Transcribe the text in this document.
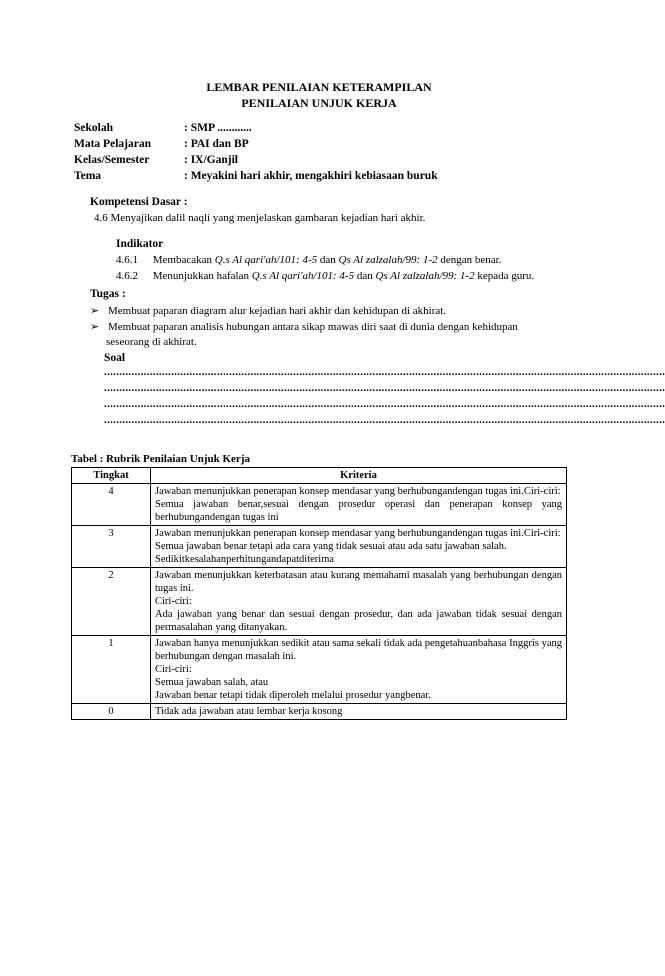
LEMBAR PENILAIAN KETERAMPILAN
PENILAIAN UNJUK KERJA
Sekolah	: SMP ............
Mata Pelajaran	: PAI dan BP
Kelas/Semester	: IX/Ganjil
Tema	: Meyakini hari akhir, mengakhiri kebiasaan buruk
Kompetensi Dasar :
4.6 Menyajikan dalil naqli yang menjelaskan gambaran kejadian hari akhir.
Indikator
4.6.1 Membacakan Q.s Al qari'ah/101: 4-5 dan Qs Al zalzalah/99: 1-2 dengan benar.
4.6.2 Menunjukkan hafalan Q.s Al qari'ah/101: 4-5 dan Qs Al zalzalah/99: 1-2 kepada guru.
Tugas :
➢ Membuat paparan diagram alur kejadian hari akhir dan kehidupan di akhirat.
➢ Membuat paparan analisis hubungan antara sikap mawas diri saat di dunia dengan kehidupan
seseorang di akhirat.
Soal
........................................................................................................................................................................................
........................................................................................................................................................................................
........................................................................................................................................................................................
........................................................................................................................................................................................
Tabel : Rubrik Penilaian Unjuk Kerja
Tingkat	Kriteria
4	Jawaban menunjukkan penerapan konsep mendasar yang berhubungandengan tugas ini.Ciri-ciri:
Semua jawaban benar,sesuai dengan prosedur operasi dan penerapan konsep yang berhubungandengan tugas ini

3	Jawaban menunjukkan penerapan konsep mendasar yang berhubungandengan tugas ini.Ciri-ciri:
Semua jawaban benar tetapi ada cara yang tidak sesuai atau ada satu jawaban salah.
Sedikitkesalahanperhitungandapatditerima

2	Jawaban menunjukkan keterbatasan atau kurang memahami masalah yang berhubungan dengan tugas ini.
Ciri-ciri:
Ada jawaban yang benar dan sesuai dengan prosedur, dan ada jawaban tidak sesuai dengan permasalahan yang ditanyakan.

1	Jawaban hanya menunjukkan sedikit atau sama sekali tidak ada pengetahuanbahasa Inggris yang berhubungan dengan masalah ini.
Ciri-ciri:
Semua jawaban salah, atau
Jawaban benar tetapi tidak diperoleh melalui prosedur yangbenar.

0	Tidak ada jawaban atau lembar kerja kosong
